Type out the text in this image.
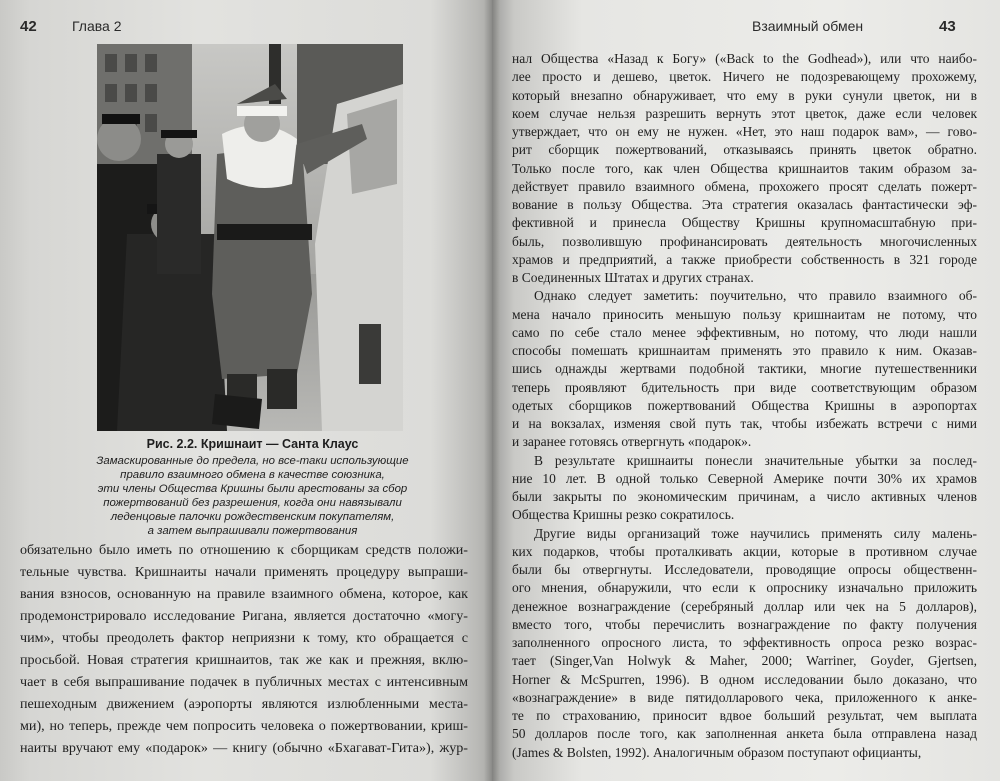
42	Глава 2

Рис. 2.2. Кришнаит — Санта Клаус

Замаскированные до предела, но все-таки использующие

правило взаимного обмена в качестве союзника,

эти члены Общества Кришны были арестованы за сбор

пожертвований без разрешения, когда они навязывали

леденцовые палочки рождественским покупателям,

а затем выпрашивали пожертвования

обязательно было иметь по отношению к сборщикам средств положи-

тельные чувства. Кришнаиты начали применять процедуру выпраши-

вания взносов, основанную на правиле взаимного обмена, которое, как

продемонстрировало исследование Ригана, является достаточно «могу-

чим», чтобы преодолеть фактор неприязни к тому, кто обращается с

просьбой. Новая стратегия кришнаитов, так же как и прежняя, вклю-

чает в себя выпрашивание подачек в публичных местах с интенсивным

пешеходным движением (аэропорты являются излюбленными места-

ми), но теперь, прежде чем попросить человека о пожертвовании, криш-

наиты вручают ему «подарок» — книгу (обычно «Бхагават-Гита»), жур-

Взаимный обмен	43

нал Общества «Назад к Богу» («Back to the Godhead»), или что наибо-

лее просто и дешево, цветок. Ничего не подозревающему прохожему,

который внезапно обнаруживает, что ему в руки сунули цветок, ни в

коем случае нельзя разрешить вернуть этот цветок, даже если человек

утверждает, что он ему не нужен. «Нет, это наш подарок вам», — гово-

рит сборщик пожертвований, отказываясь принять цветок обратно.

Только после того, как член Общества кришнаитов таким образом за-

действует правило взаимного обмена, прохожего просят сделать пожерт-

вование в пользу Общества. Эта стратегия оказалась фантастически эф-

фективной и принесла Обществу Кришны крупномасштабную при-

быль, позволившую профинансировать деятельность многочисленных

храмов и предприятий, а также приобрести собственность в 321 городе

в Соединенных Штатах и других странах.

Однако следует заметить: поучительно, что правило взаимного об-

мена начало приносить меньшую пользу кришнаитам не потому, что

само по себе стало менее эффективным, но потому, что люди нашли

способы помешать кришнаитам применять это правило к ним. Оказав-

шись однажды жертвами подобной тактики, многие путешественники

теперь проявляют бдительность при виде соответствующим образом

одетых сборщиков пожертвований Общества Кришны в аэропортах

и на вокзалах, изменяя свой путь так, чтобы избежать встречи с ними

и заранее готовясь отвергнуть «подарок».

В результате кришнаиты понесли значительные убытки за послед-

ние 10 лет. В одной только Северной Америке почти 30% их храмов

были закрыты по экономическим причинам, а число активных членов

Общества Кришны резко сократилось.

Другие виды организаций тоже научились применять силу малень-

ких подарков, чтобы проталкивать акции, которые в противном случае

были бы отвергнуты. Исследователи, проводящие опросы общественн-

ого мнения, обнаружили, что если к опроснику изначально приложить

денежное вознаграждение (серебряный доллар или чек на 5 долларов),

вместо того, чтобы перечислить вознаграждение по факту получения

заполненного опросного листа, то эффективность опроса резко возрас-

тает (Singer,Van Holwyk & Maher, 2000; Warriner, Goyder, Gjertsen,

Horner & McSpurren, 1996). В одном исследовании было доказано, что

«вознаграждение» в виде пятидолларового чека, приложенного к анке-

те по страхованию, приносит вдвое больший результат, чем выплата

50 долларов после того, как заполненная анкета была отправлена назад

(James & Bolsten, 1992). Аналогичным образом поступают официанты,
